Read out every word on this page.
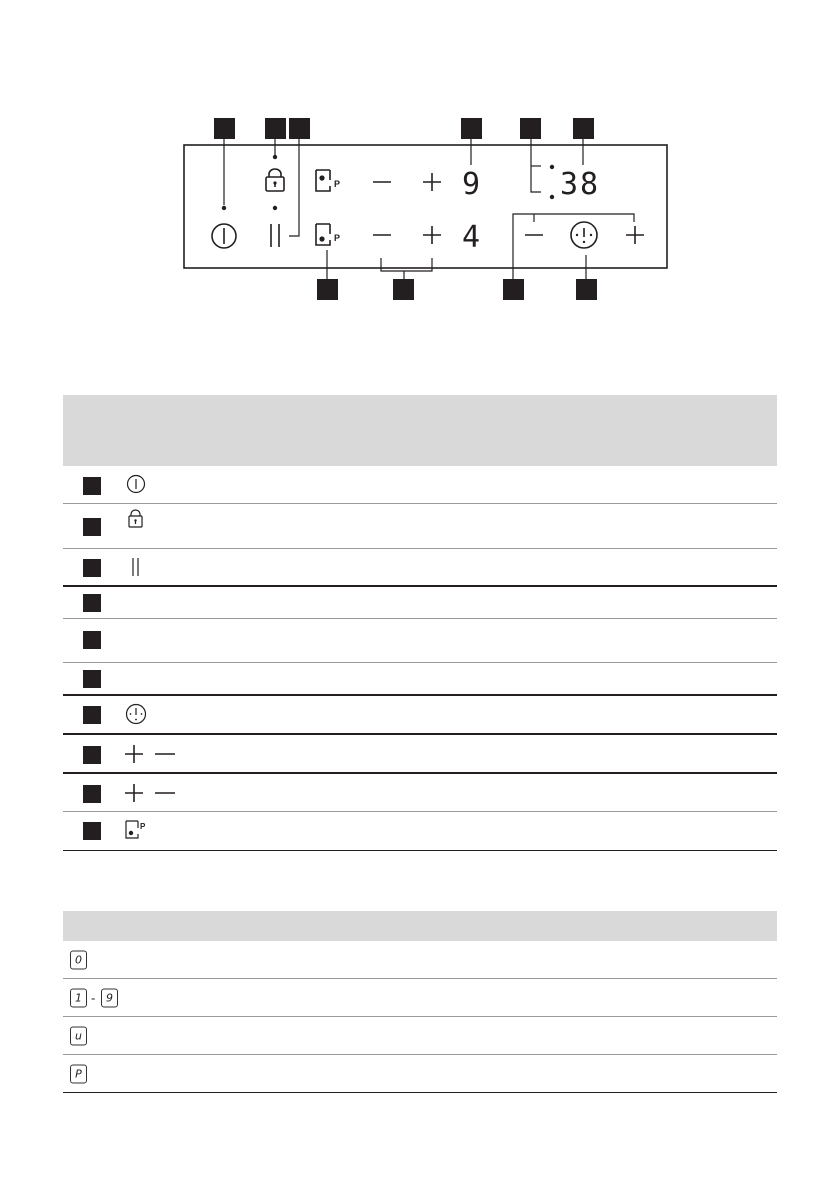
P	9
P	4
38
P
0
1 - 9
u
P
